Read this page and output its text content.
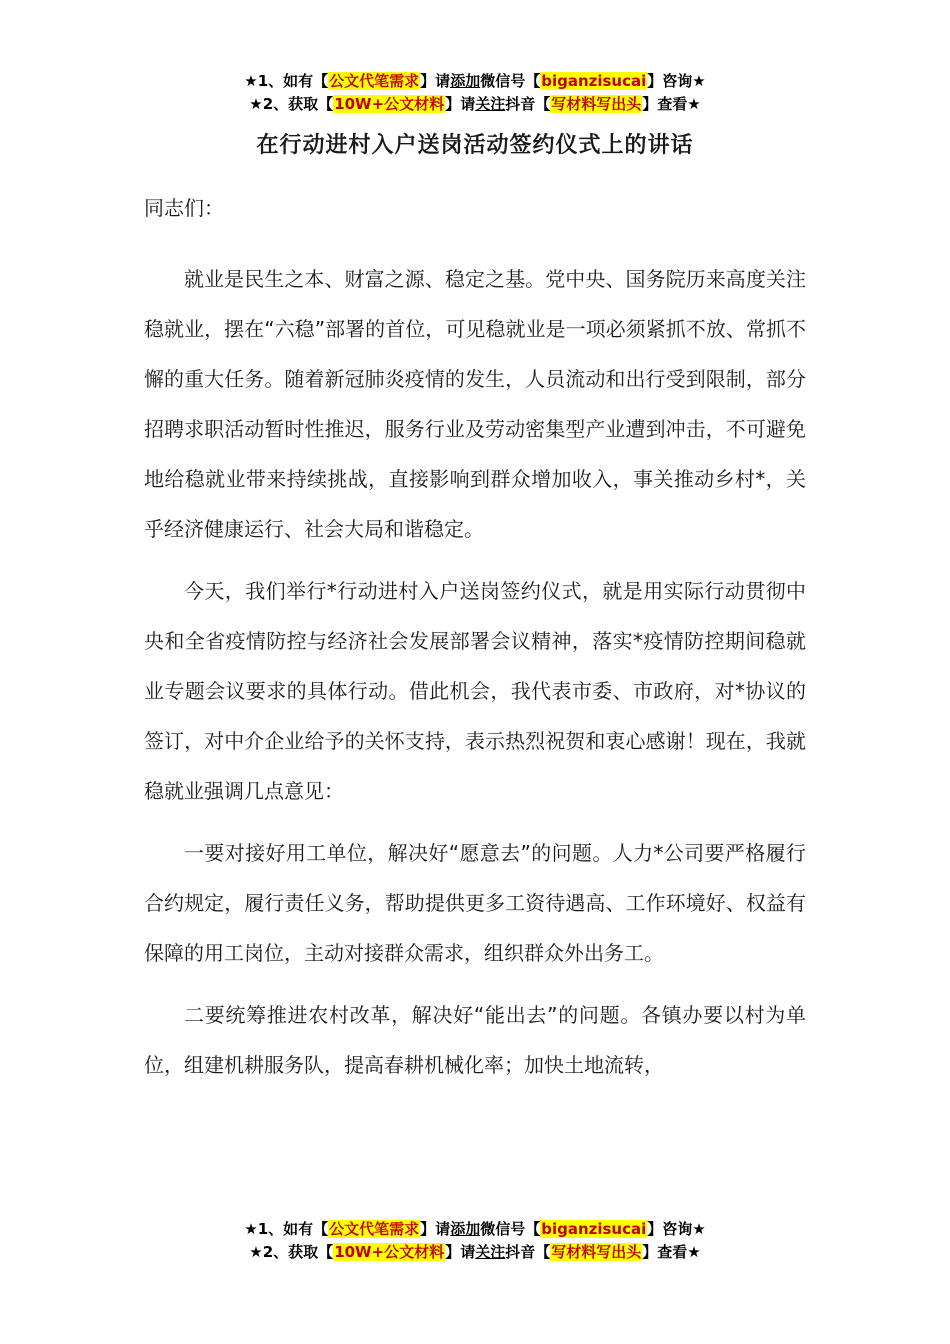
★1、如有【公文代笔需求】请添加微信号【biganzisucai】咨询★
★2、获取【10W+公文材料】请关注抖音【写材料写出头】查看★
在行动进村入户送岗活动签约仪式上的讲话

同志们：

就业是民生之本、财富之源、稳定之基。党中央、国务院历来高度关注稳就业，摆在“六稳”部署的首位，可见稳就业是一项必须紧抓不放、常抓不懈的重大任务。随着新冠肺炎疫情的发生，人员流动和出行受到限制，部分招聘求职活动暂时性推迟，服务行业及劳动密集型产业遭到冲击，不可避免地给稳就业带来持续挑战，直接影响到群众增加收入，事关推动乡村*，关乎经济健康运行、社会大局和谐稳定。

今天，我们举行*行动进村入户送岗签约仪式，就是用实际行动贯彻中央和全省疫情防控与经济社会发展部署会议精神，落实*疫情防控期间稳就业专题会议要求的具体行动。借此机会，我代表市委、市政府，对*协议的签订，对中介企业给予的关怀支持，表示热烈祝贺和衷心感谢！现在，我就稳就业强调几点意见：

一要对接好用工单位，解决好“愿意去”的问题。人力*公司要严格履行合约规定，履行责任义务，帮助提供更多工资待遇高、工作环境好、权益有保障的用工岗位，主动对接群众需求，组织群众外出务工。

二要统筹推进农村改革，解决好“能出去”的问题。各镇办要以村为单位，组建机耕服务队，提高春耕机械化率；加快土地流转，

★1、如有【公文代笔需求】请添加微信号【biganzisucai】咨询★
★2、获取【10W+公文材料】请关注抖音【写材料写出头】查看★
